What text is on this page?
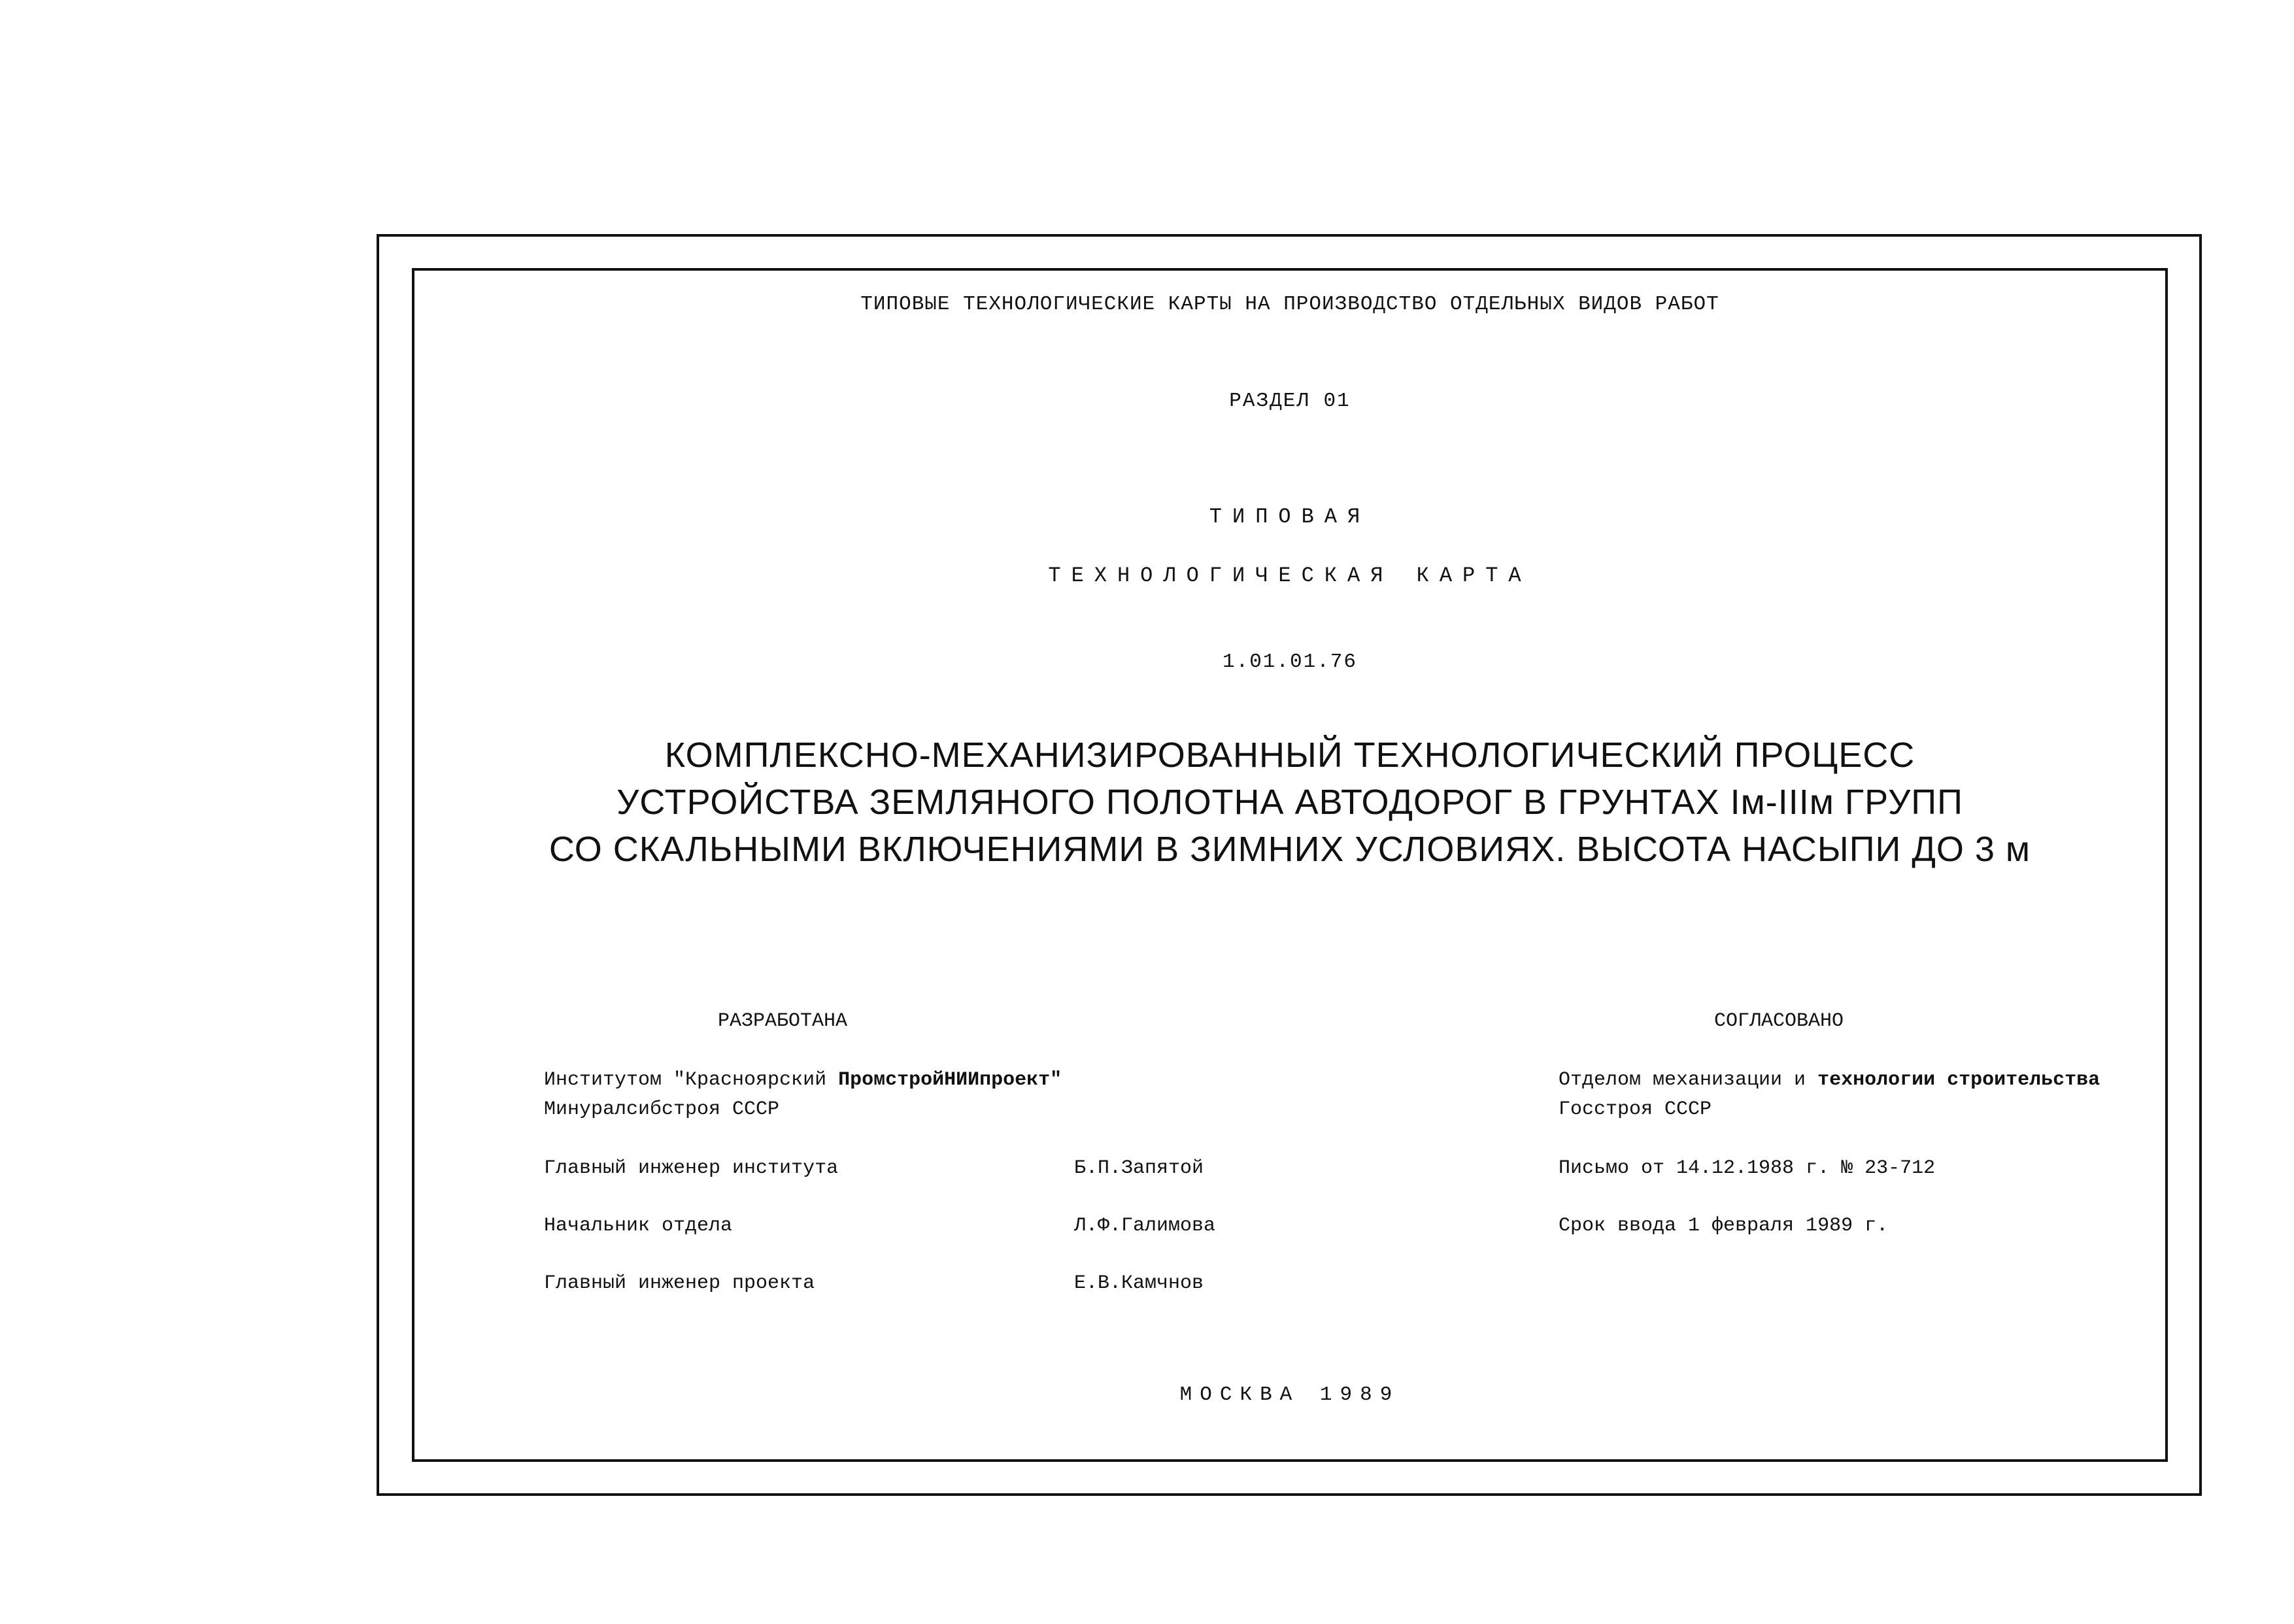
ТИПОВЫЕ ТЕХНОЛОГИЧЕСКИЕ КАРТЫ НА ПРОИЗВОДСТВО ОТДЕЛЬНЫХ ВИДОВ РАБОТ
РАЗДЕЛ 01
ТИПОВАЯ
ТЕХНОЛОГИЧЕСКАЯ КАРТА
1.01.01.76
КОМПЛЕКСНО-МЕХАНИЗИРОВАННЫЙ ТЕХНОЛОГИЧЕСКИЙ ПРОЦЕСС
УСТРОЙСТВА ЗЕМЛЯНОГО ПОЛОТНА АВТОДОРОГ В ГРУНТАХ Iм-IIIм ГРУПП
СО СКАЛЬНЫМИ ВКЛЮЧЕНИЯМИ В ЗИМНИХ УСЛОВИЯХ. ВЫСОТА НАСЫПИ ДО 3 м
РАЗРАБОТАНА
Институтом "Красноярский ПромстройНИИпроект"
Минуралсибстроя СССР
Главный инженер института	Б.П.Запятой
Начальник отдела	Л.Ф.Галимова
Главный инженер проекта	Е.В.Камчнов
СОГЛАСОВАНО
Отделом механизации и технологии строительства
Госстроя СССР
Письмо от 14.12.1988 г. № 23-712
Срок ввода 1 февраля 1989 г.
МОСКВА 1989
